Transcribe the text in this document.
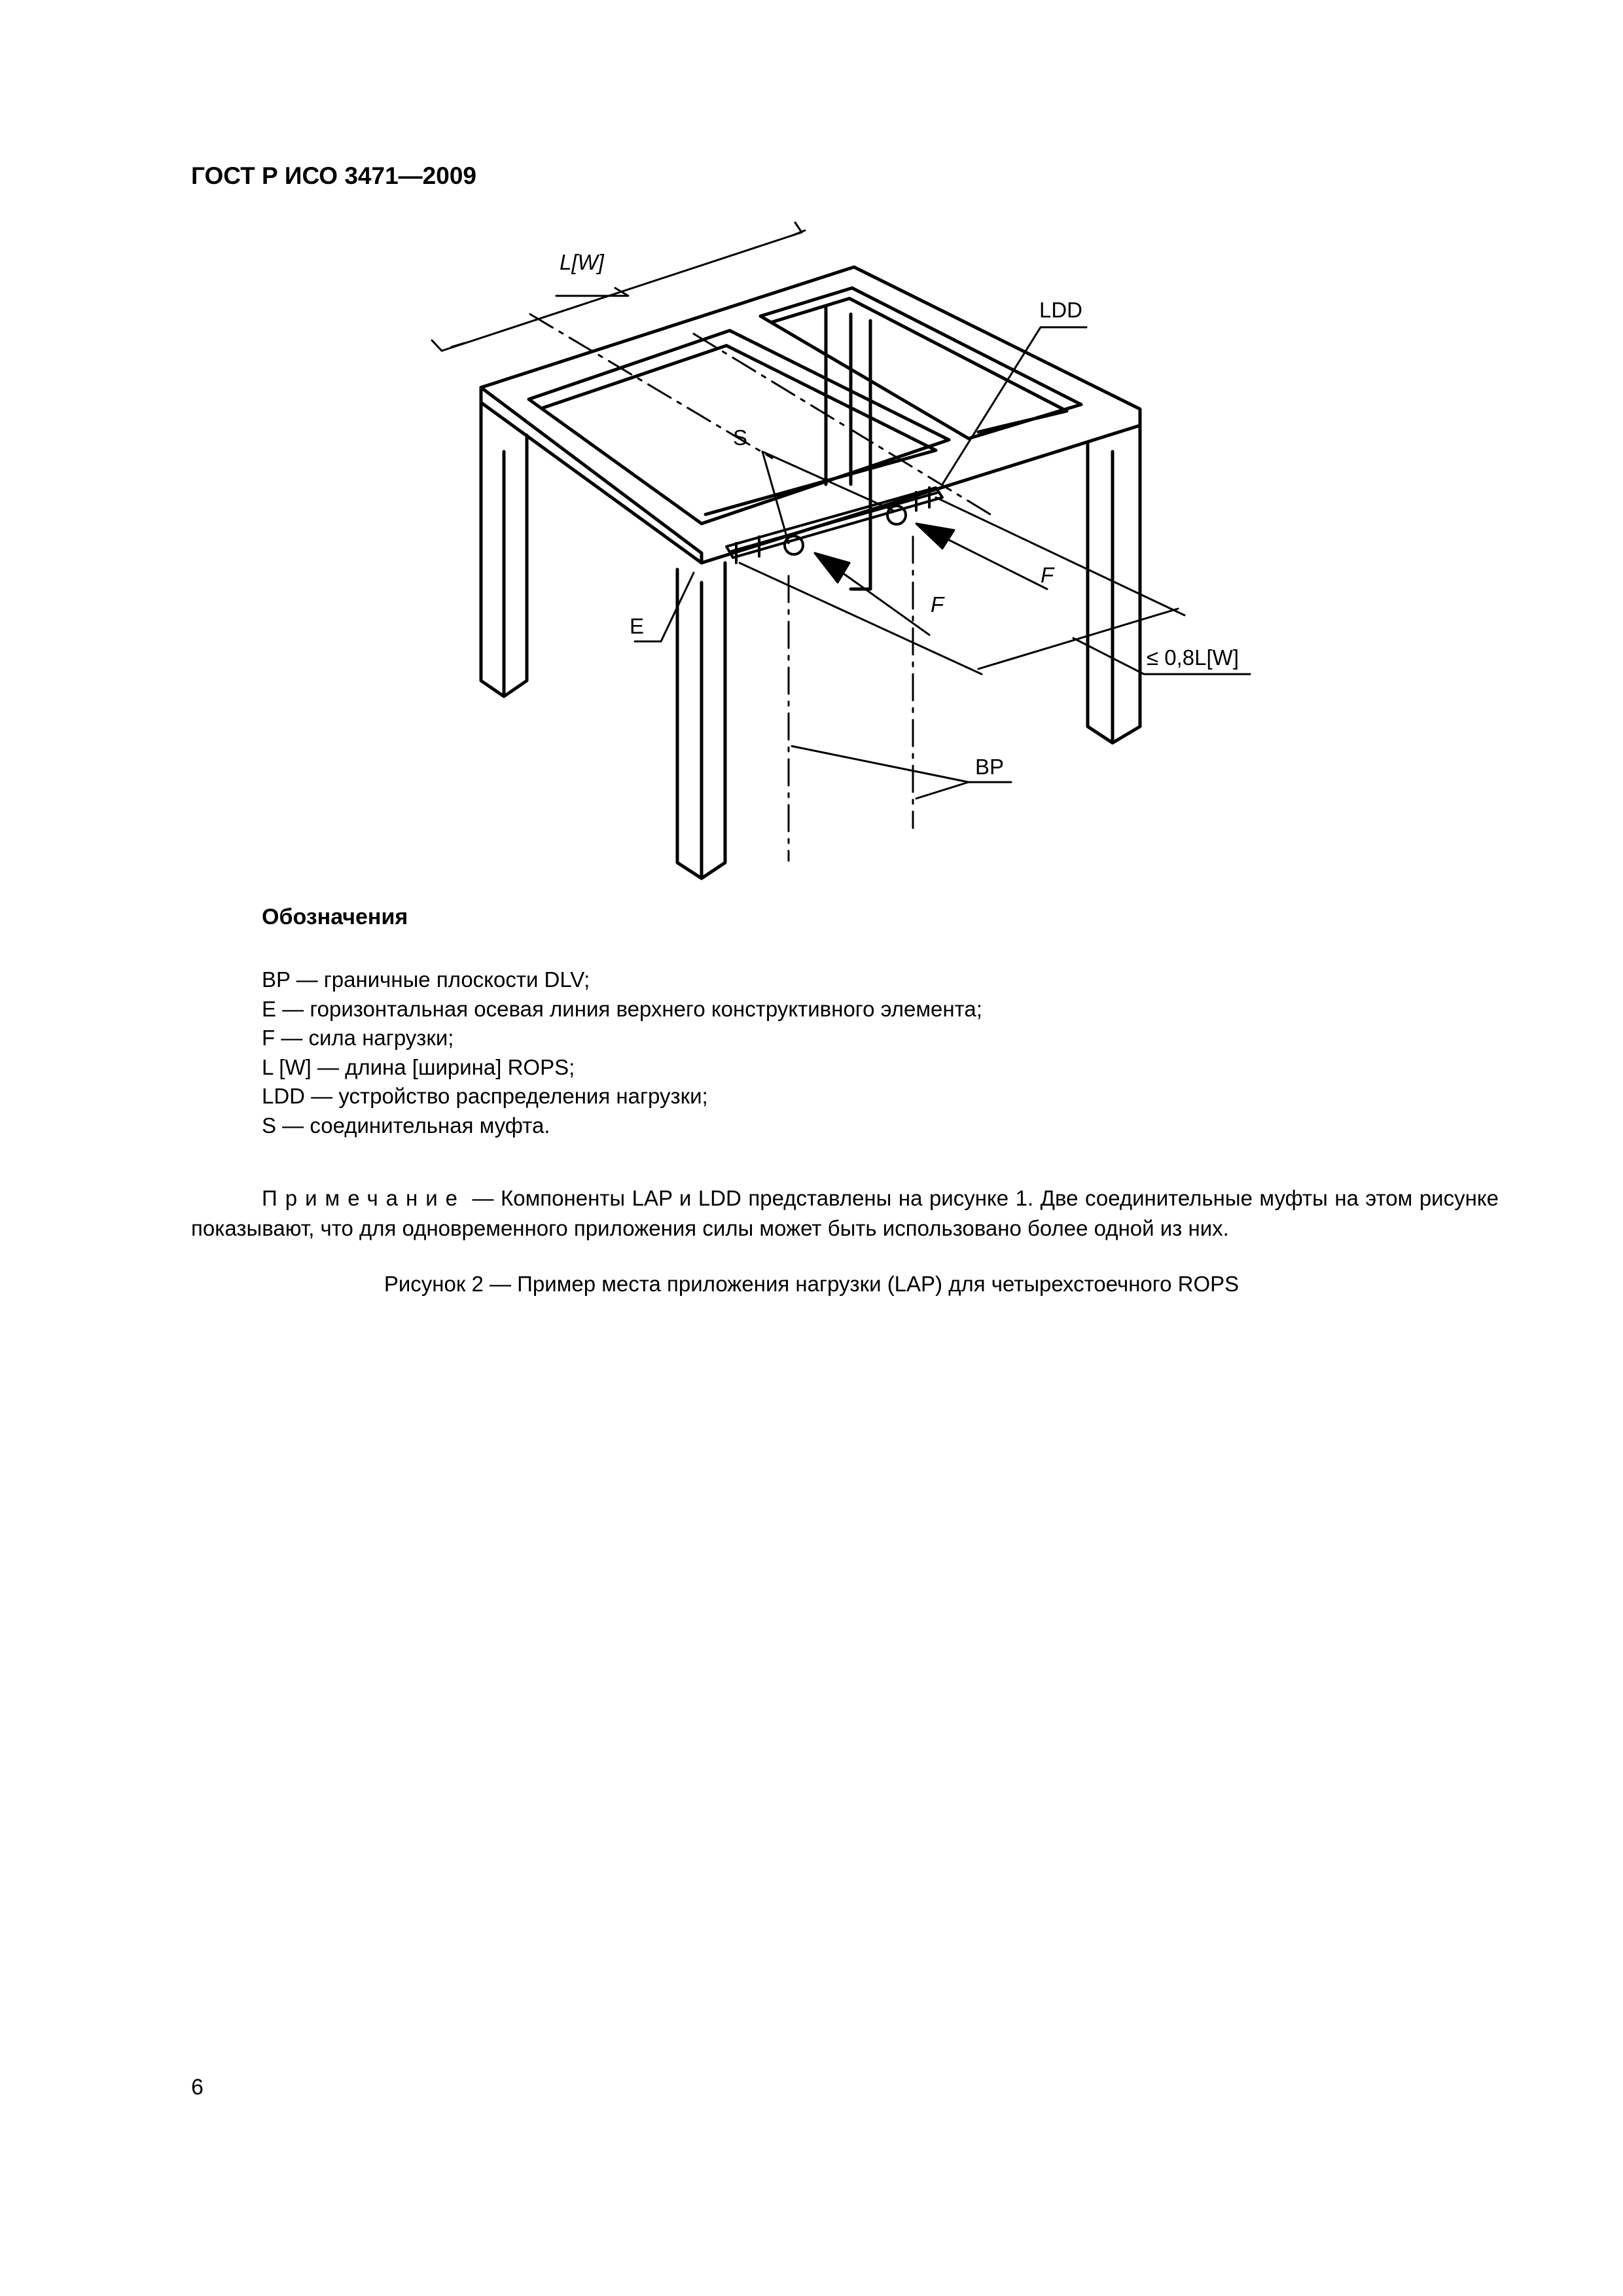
ГОСТ Р ИСО 3471—2009
L[W]
LDD
S
F
F
E
≤ 0,8L[W]
BP
Обозначения
BP — граничные плоскости DLV;
E — горизонтальная осевая линия верхнего конструктивного элемента;
F — сила нагрузки;
L [W] — длина [ширина] ROPS;
LDD — устройство распределения нагрузки;
S — соединительная муфта.
Примечание — Компоненты LAP и LDD представлены на рисунке 1. Две соединительные муфты на этом рисунке показывают, что для одновременного приложения силы может быть использовано более одной из них.
Рисунок 2 — Пример места приложения нагрузки (LAP) для четырехстоечного ROPS
6
